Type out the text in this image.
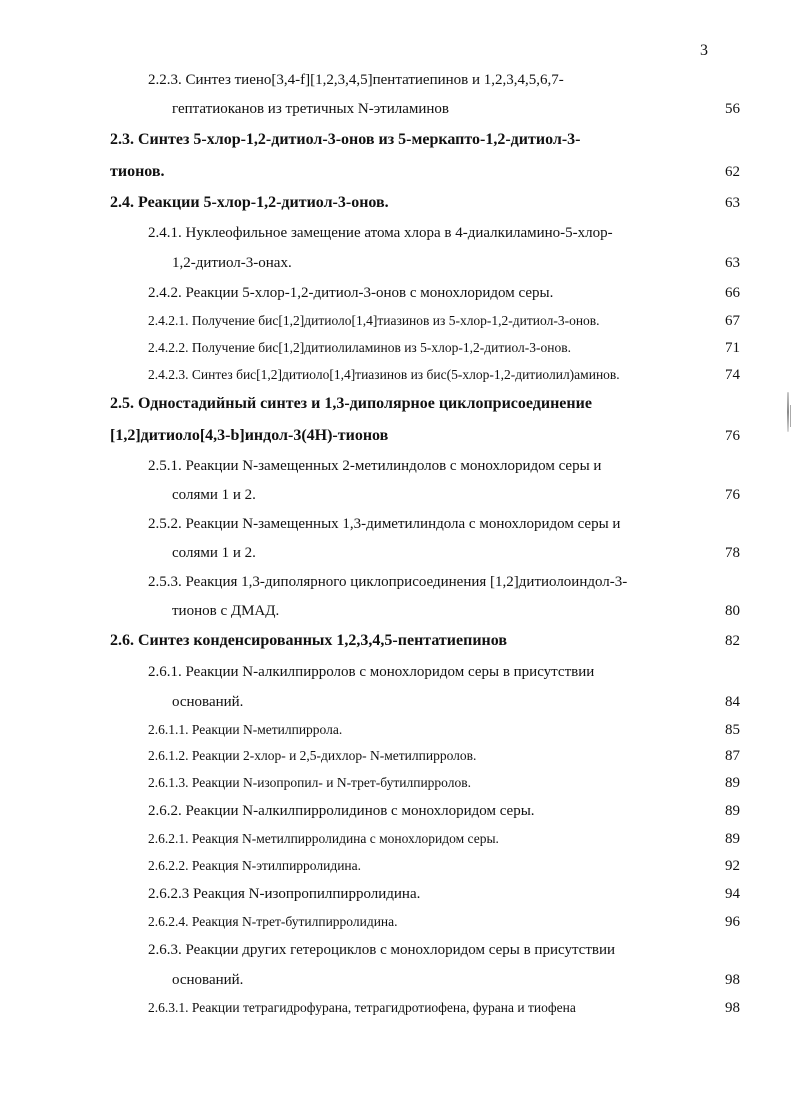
3
2.2.3. Синтез тиено[3,4-f][1,2,3,4,5]пентатиепинов и 1,2,3,4,5,6,7-
гептатиоканов из третичных N-этиламинов	56
2.3. Синтез 5-хлор-1,2-дитиол-3-онов из 5-меркапто-1,2-дитиол-3-
тионов.	62
2.4. Реакции 5-хлор-1,2-дитиол-3-онов.	63
2.4.1. Нуклеофильное замещение атома хлора в 4-диалкиламино-5-хлор-
1,2-дитиол-3-онах.	63
2.4.2. Реакции 5-хлор-1,2-дитиол-3-онов с монохлоридом серы.	66
2.4.2.1. Получение бис[1,2]дитиоло[1,4]тиазинов из 5-хлор-1,2-дитиол-3-онов.	67
2.4.2.2. Получение бис[1,2]дитиолиламинов из 5-хлор-1,2-дитиол-3-онов.	71
2.4.2.3. Синтез бис[1,2]дитиоло[1,4]тиазинов из бис(5-хлор-1,2-дитиолил)аминов.	74
2.5. Одностадийный синтез и 1,3-диполярное циклоприсоединение
[1,2]дитиоло[4,3-b]индол-3(4H)-тионов	76
2.5.1. Реакции N-замещенных 2-метилиндолов с монохлоридом серы и
солями 1 и 2.	76
2.5.2. Реакции N-замещенных 1,3-диметилиндола с монохлоридом серы и
солями 1 и 2.	78
2.5.3. Реакция 1,3-диполярного циклоприсоединения [1,2]дитиолоиндол-3-
тионов с ДМАД.	80
2.6. Синтез конденсированных 1,2,3,4,5-пентатиепинов	82
2.6.1. Реакции N-алкилпирролов с монохлоридом серы в присутствии
оснований.	84
2.6.1.1. Реакции N-метилпиррола.	85
2.6.1.2. Реакции 2-хлор- и 2,5-дихлор- N-метилпирролов.	87
2.6.1.3. Реакции N-изопропил- и N-трет-бутилпирролов.	89
2.6.2. Реакции N-алкилпирролидинов с монохлоридом серы.	89
2.6.2.1. Реакция N-метилпирролидина с монохлоридом серы.	89
2.6.2.2. Реакция N-этилпирролидина.	92
2.6.2.3 Реакция N-изопропилпирролидина.	94
2.6.2.4. Реакция N-трет-бутилпирролидина.	96
2.6.3. Реакции других гетероциклов с монохлоридом серы в присутствии
оснований.	98
2.6.3.1. Реакции тетрагидрофурана, тетрагидротиофена, фурана и тиофена	98
